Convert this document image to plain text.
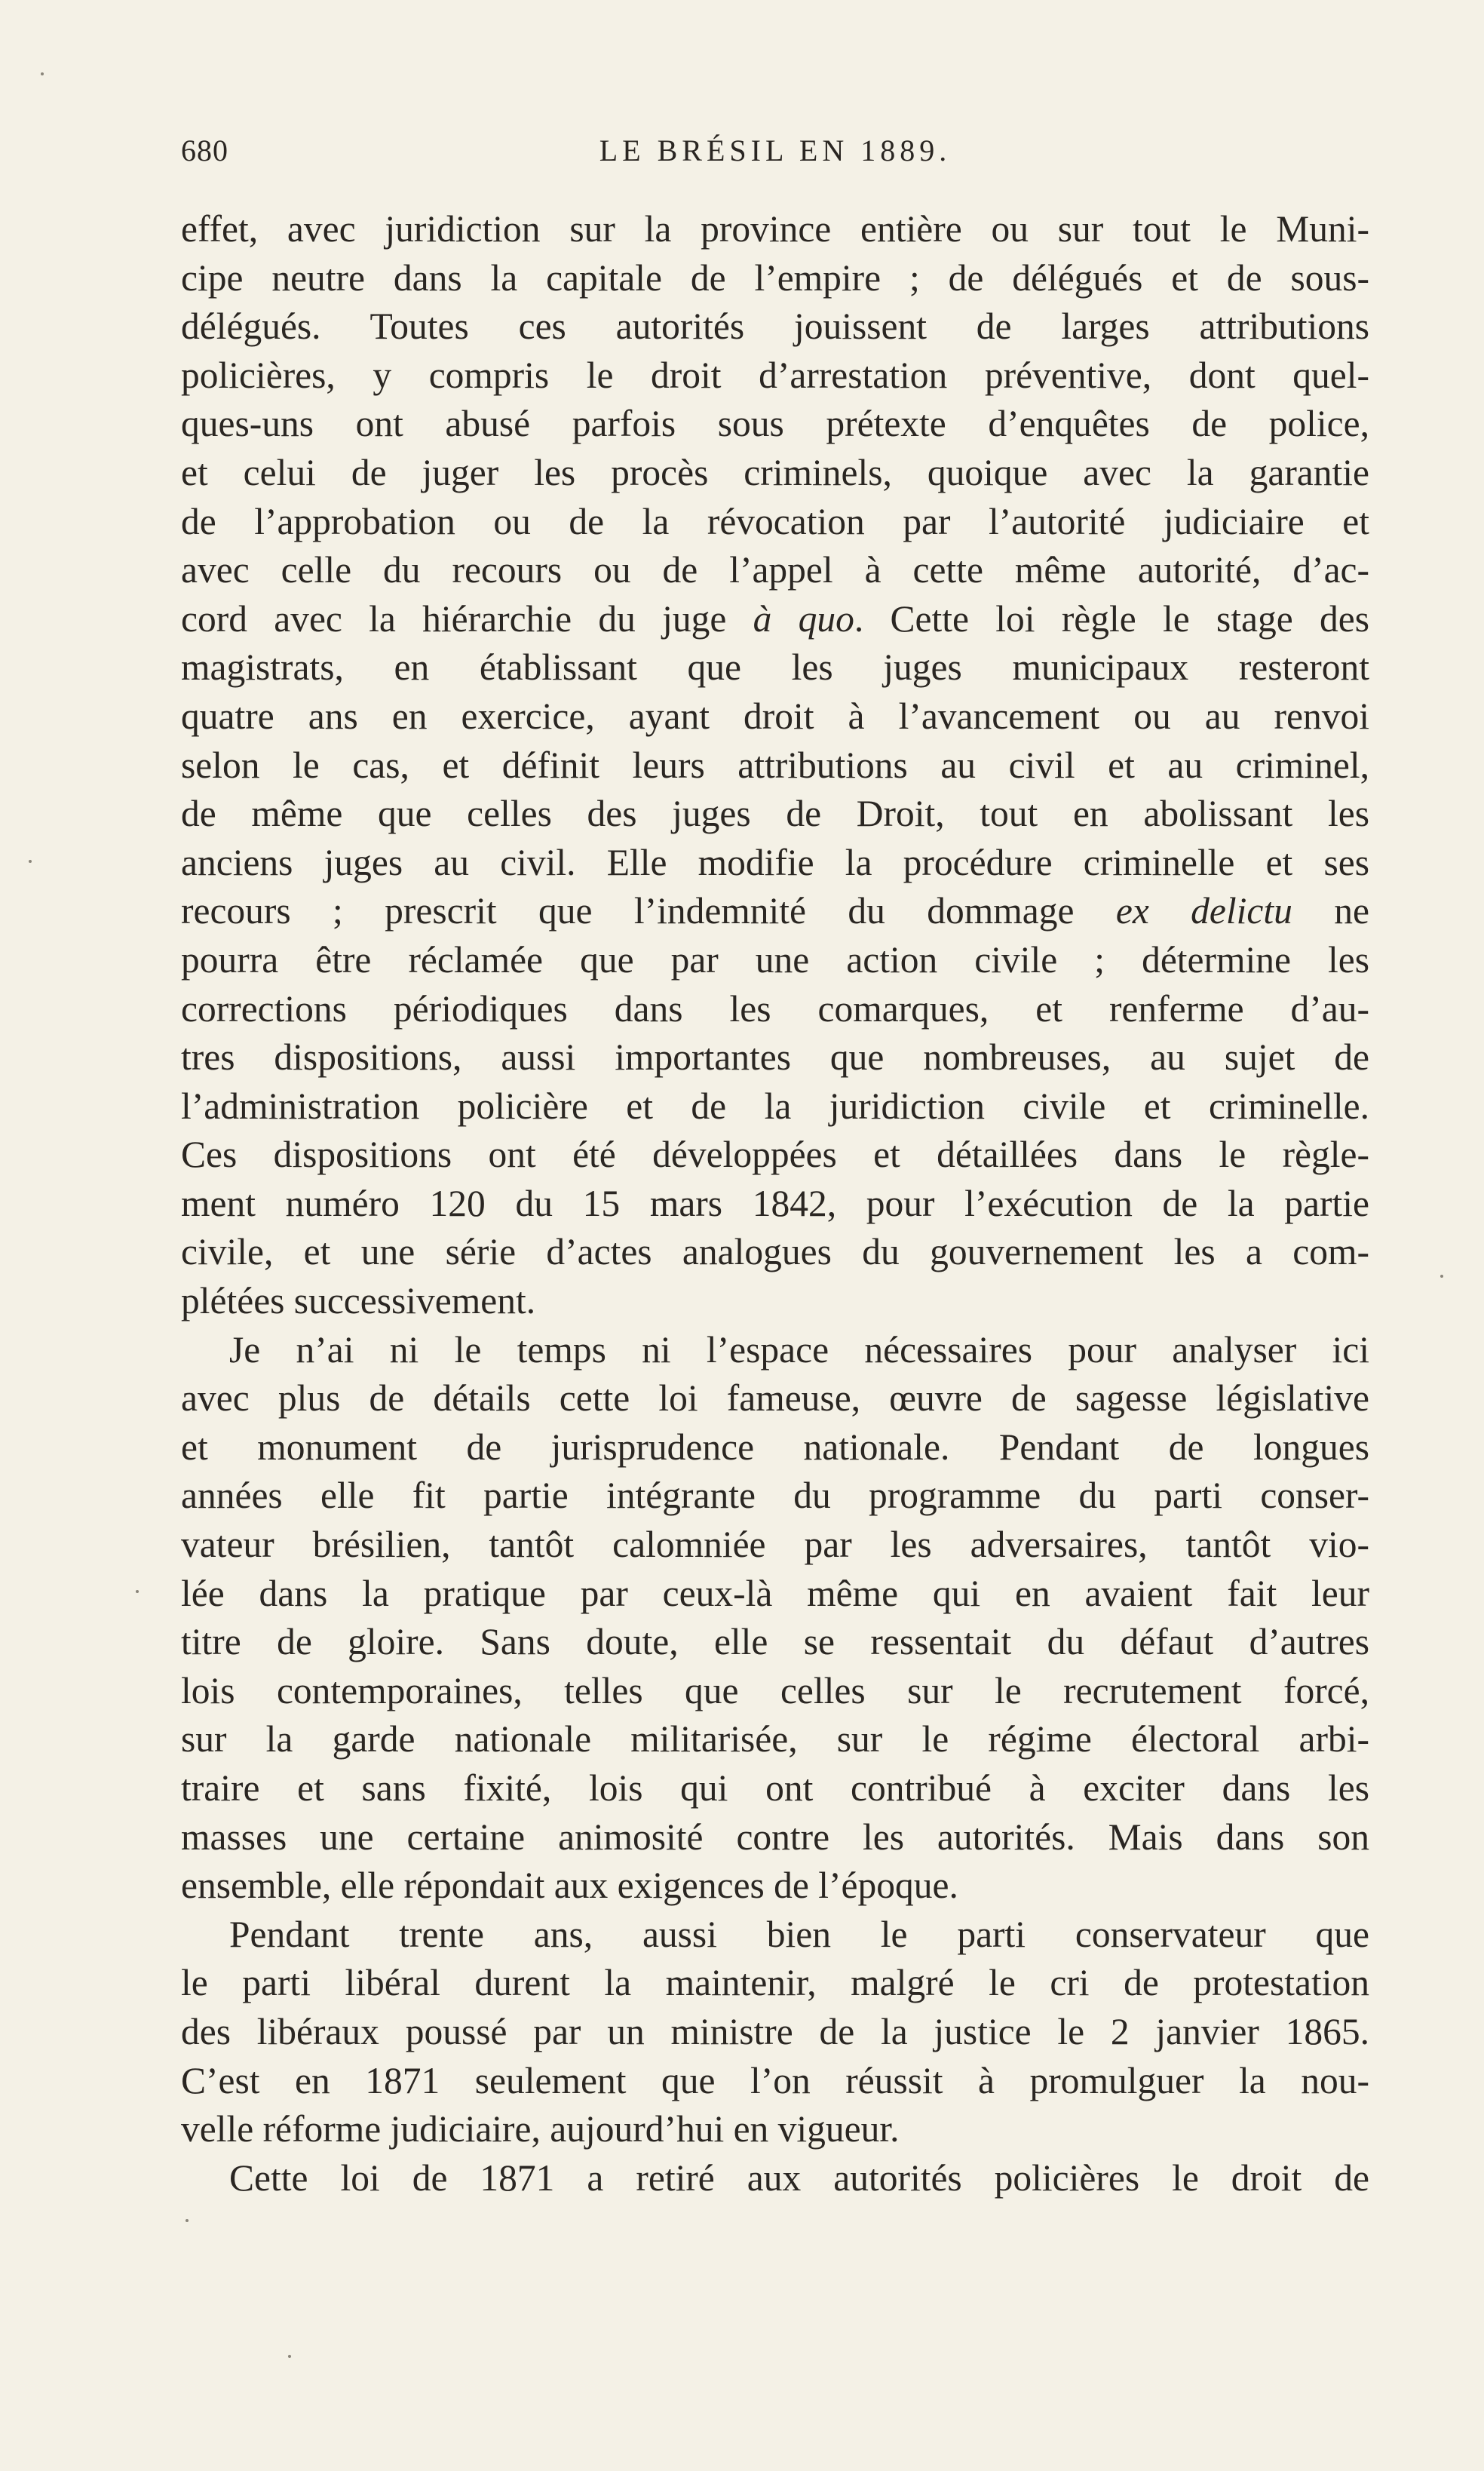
680	LE BRÉSIL EN 1889.
effet, avec juridiction sur la province entière ou sur tout le Muni-
cipe neutre dans la capitale de l’empire ; de délégués et de sous-
délégués. Toutes ces autorités jouissent de larges attributions
policières, y compris le droit d’arrestation préventive, dont quel-
ques-uns ont abusé parfois sous prétexte d’enquêtes de police,
et celui de juger les procès criminels, quoique avec la garantie
de l’approbation ou de la révocation par l’autorité judiciaire et
avec celle du recours ou de l’appel à cette même autorité, d’ac-
cord avec la hiérarchie du juge à quo. Cette loi règle le stage des
magistrats, en établissant que les juges municipaux resteront
quatre ans en exercice, ayant droit à l’avancement ou au renvoi
selon le cas, et définit leurs attributions au civil et au criminel,
de même que celles des juges de Droit, tout en abolissant les
anciens juges au civil. Elle modifie la procédure criminelle et ses
recours ; prescrit que l’indemnité du dommage ex delictu ne
pourra être réclamée que par une action civile ; détermine les
corrections périodiques dans les comarques, et renferme d’au-
tres dispositions, aussi importantes que nombreuses, au sujet de
l’administration policière et de la juridiction civile et criminelle.
Ces dispositions ont été développées et détaillées dans le règle-
ment numéro 120 du 15 mars 1842, pour l’exécution de la partie
civile, et une série d’actes analogues du gouvernement les a com-
plétées successivement.
Je n’ai ni le temps ni l’espace nécessaires pour analyser ici
avec plus de détails cette loi fameuse, œuvre de sagesse législative
et monument de jurisprudence nationale. Pendant de longues
années elle fit partie intégrante du programme du parti conser-
vateur brésilien, tantôt calomniée par les adversaires, tantôt vio-
lée dans la pratique par ceux-là même qui en avaient fait leur
titre de gloire. Sans doute, elle se ressentait du défaut d’autres
lois contemporaines, telles que celles sur le recrutement forcé,
sur la garde nationale militarisée, sur le régime électoral arbi-
traire et sans fixité, lois qui ont contribué à exciter dans les
masses une certaine animosité contre les autorités. Mais dans son
ensemble, elle répondait aux exigences de l’époque.
Pendant trente ans, aussi bien le parti conservateur que
le parti libéral durent la maintenir, malgré le cri de protestation
des libéraux poussé par un ministre de la justice le 2 janvier 1865.
C’est en 1871 seulement que l’on réussit à promulguer la nou-
velle réforme judiciaire, aujourd’hui en vigueur.
Cette loi de 1871 a retiré aux autorités policières le droit de
